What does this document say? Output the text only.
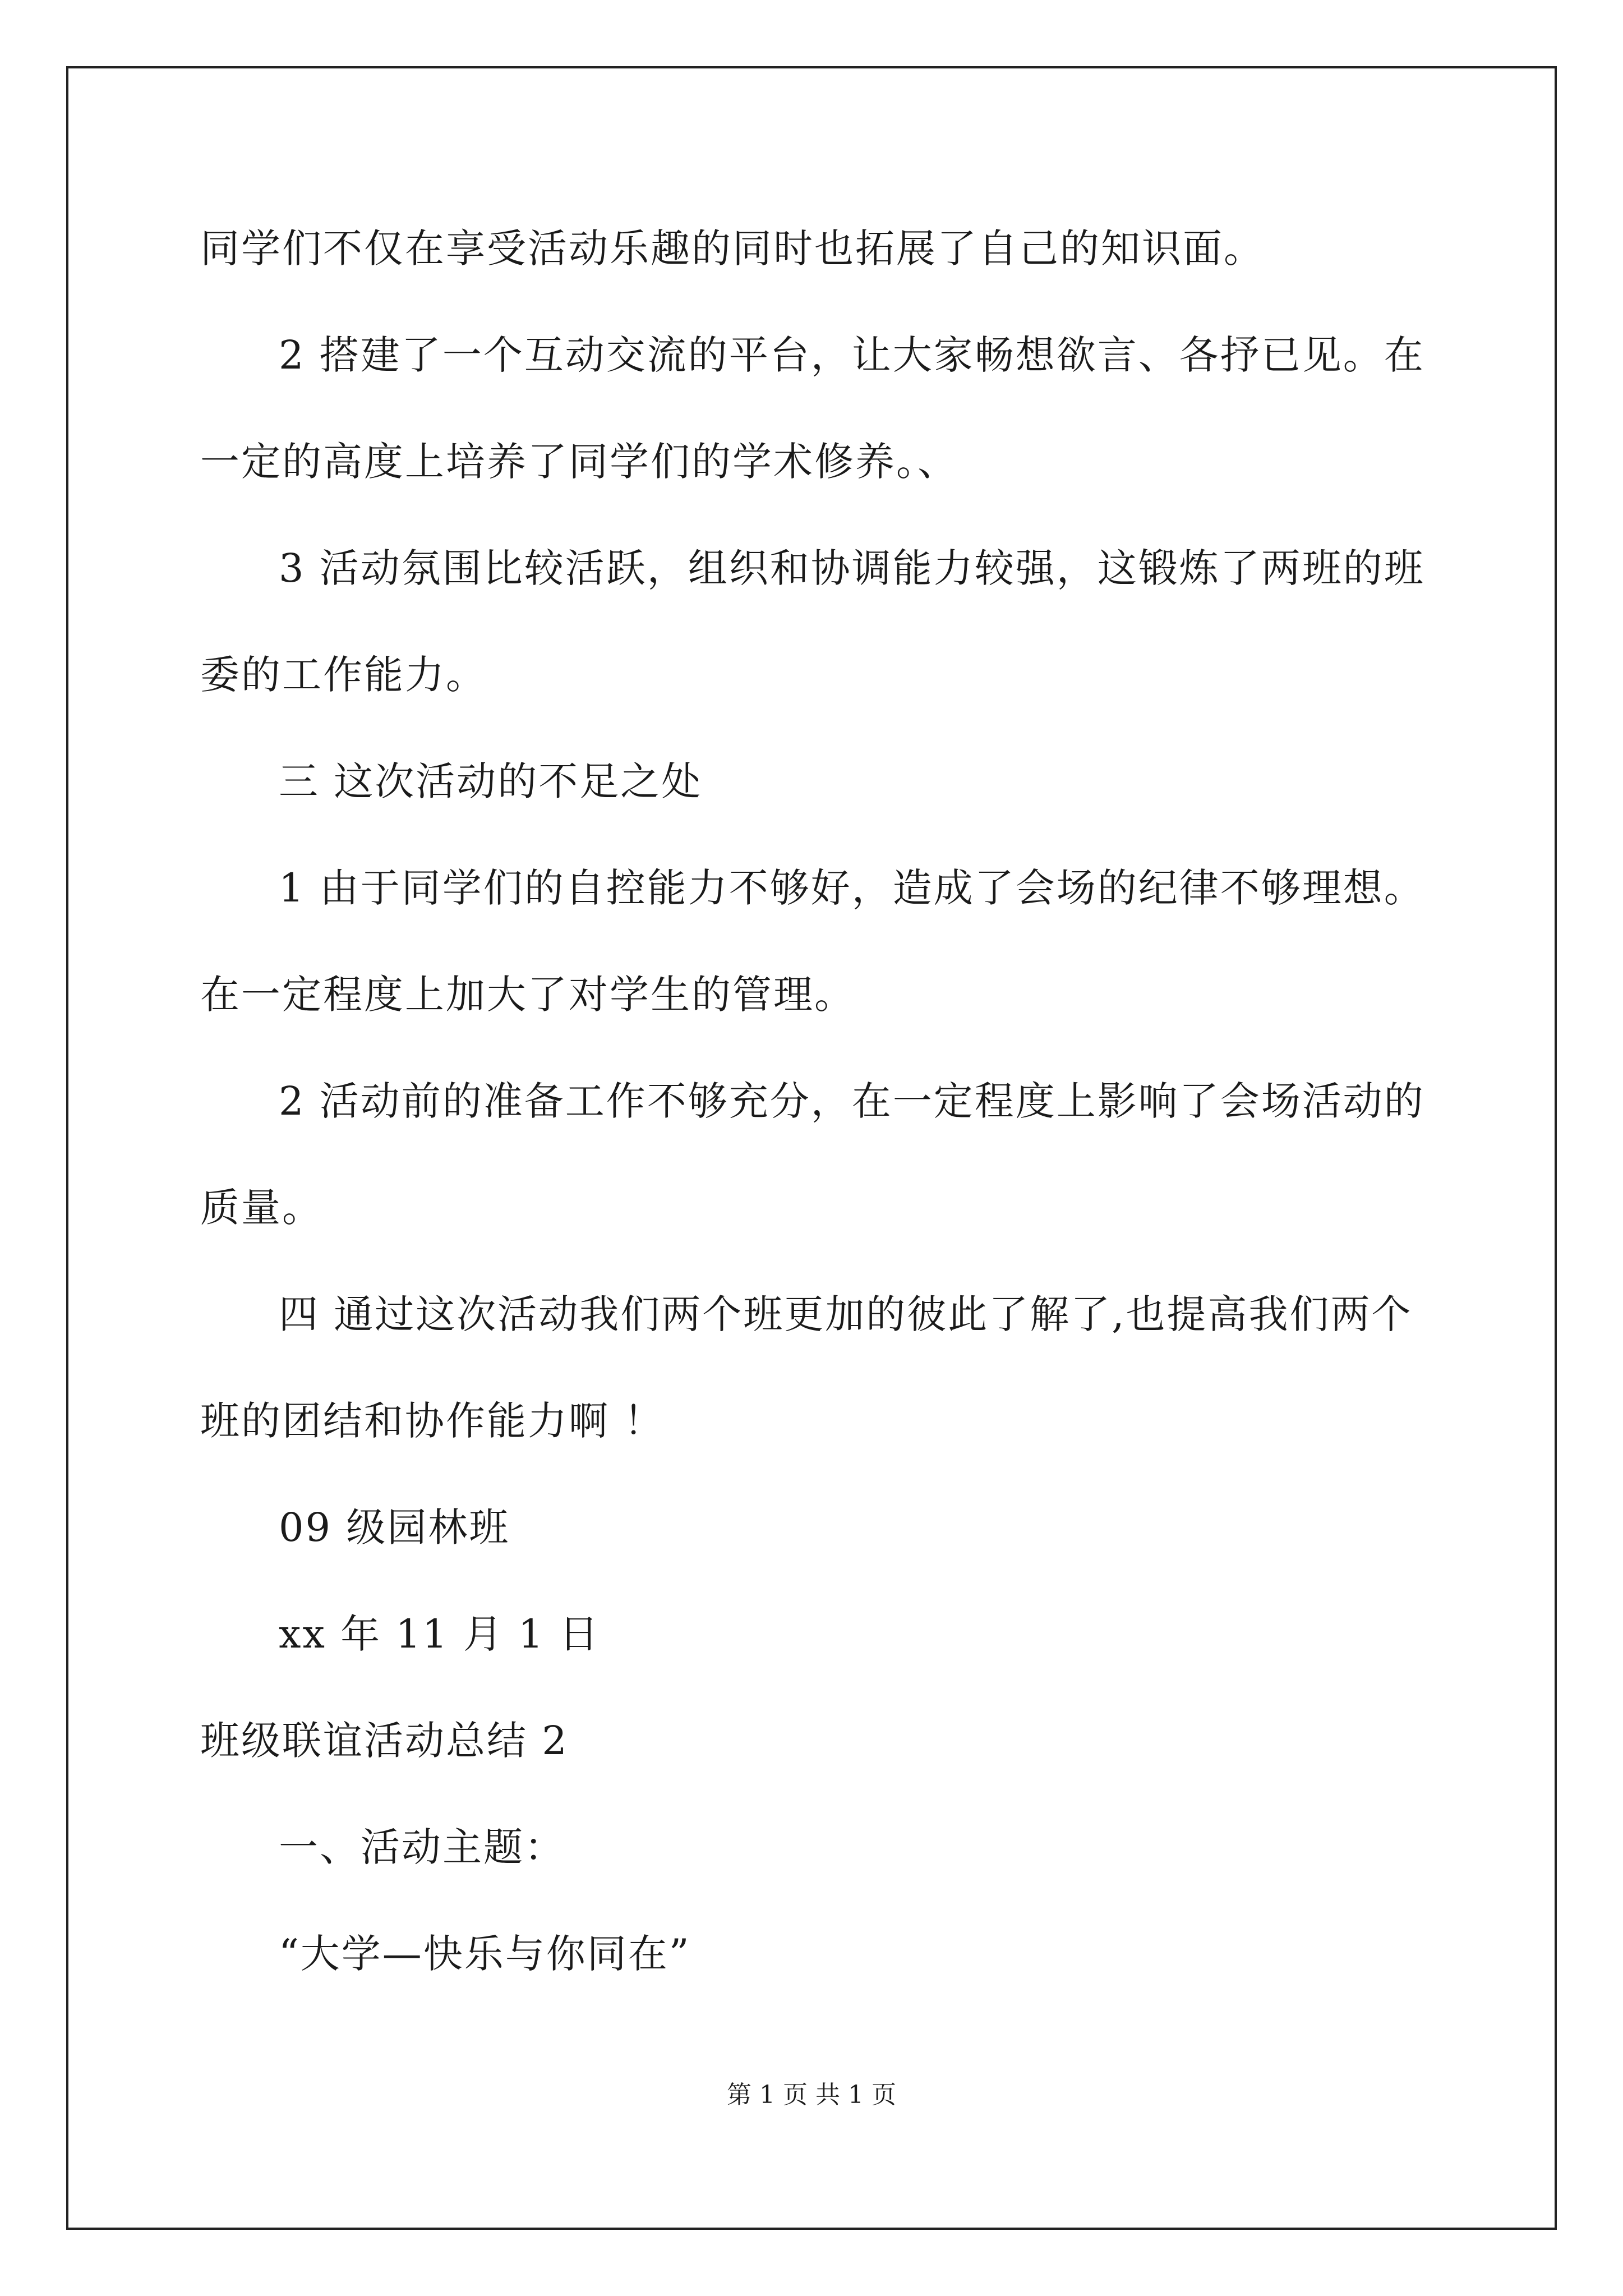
同学们不仅在享受活动乐趣的同时也拓展了自己的知识面。
2 搭建了一个互动交流的平台，让大家畅想欲言、各抒已见。在
一定的高度上培养了同学们的学术修养。、
3 活动氛围比较活跃，组织和协调能力较强，这锻炼了两班的班
委的工作能力。
三 这次活动的不足之处
1 由于同学们的自控能力不够好，造成了会场的纪律不够理想。
在一定程度上加大了对学生的管理。
2 活动前的准备工作不够充分，在一定程度上影响了会场活动的
质量。
四 通过这次活动我们两个班更加的彼此了解了,也提高我们两个
班的团结和协作能力啊 ！
09 级园林班
xx 年 11 月 1 日
班级联谊活动总结 2
一、活动主题：
“大学—快乐与你同在”
第 1 页 共 1 页
